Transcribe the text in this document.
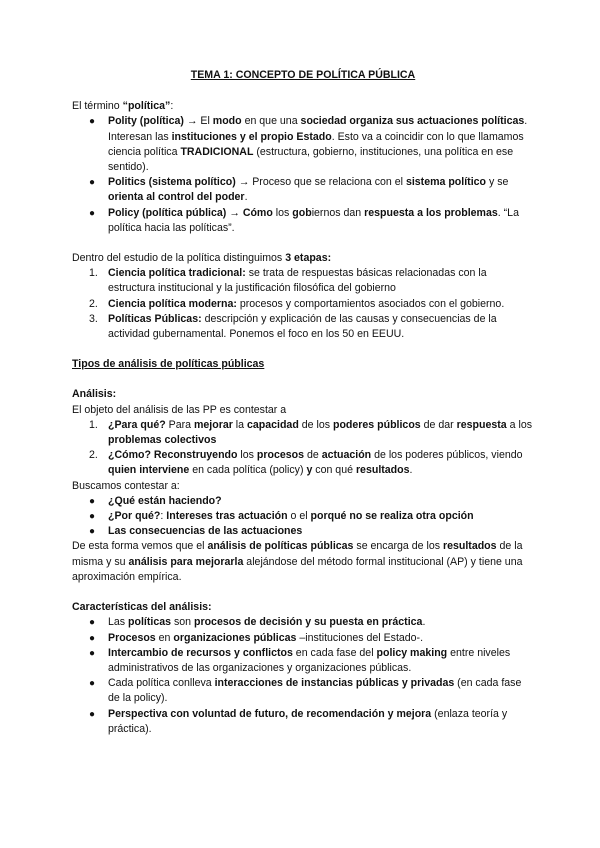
TEMA 1: CONCEPTO DE POLÍTICA PÚBLICA

El término “política”:

● Polity (política) → El modo en que una sociedad organiza sus actuaciones políticas. Interesan las instituciones y el propio Estado. Esto va a coincidir con lo que llamamos ciencia política TRADICIONAL (estructura, gobierno, instituciones, una política en ese sentido).
● Politics (sistema político) → Proceso que se relaciona con el sistema político y se orienta al control del poder.
● Policy (política pública) → Cómo los gobiernos dan respuesta a los problemas. “La política hacia las políticas”.

Dentro del estudio de la política distinguimos 3 etapas:

1. Ciencia política tradicional: se trata de respuestas básicas relacionadas con la estructura institucional y la justificación filosófica del gobierno
2. Ciencia política moderna: procesos y comportamientos asociados con el gobierno.
3. Políticas Públicas: descripción y explicación de las causas y consecuencias de la actividad gubernamental. Ponemos el foco en los 50 en EEUU.

Tipos de análisis de políticas públicas

Análisis:

El objeto del análisis de las PP es contestar a

1. ¿Para qué? Para mejorar la capacidad de los poderes públicos de dar respuesta a los problemas colectivos
2. ¿Cómo? Reconstruyendo los procesos de actuación de los poderes públicos, viendo quien interviene en cada política (policy) y con qué resultados.

Buscamos contestar a:

● ¿Qué están haciendo?
● ¿Por qué?: Intereses tras actuación o el porqué no se realiza otra opción
● Las consecuencias de las actuaciones

De esta forma vemos que el análisis de políticas públicas se encarga de los resultados de la misma y su análisis para mejorarla alejándose del método formal institucional (AP) y tiene una aproximación empírica.

Características del análisis:

● Las políticas son procesos de decisión y su puesta en práctica.
● Procesos en organizaciones públicas –instituciones del Estado-.
● Intercambio de recursos y conflictos en cada fase del policy making entre niveles administrativos de las organizaciones y organizaciones públicas.
● Cada política conlleva interacciones de instancias públicas y privadas (en cada fase de la policy).
● Perspectiva con voluntad de futuro, de recomendación y mejora (enlaza teoría y práctica).
